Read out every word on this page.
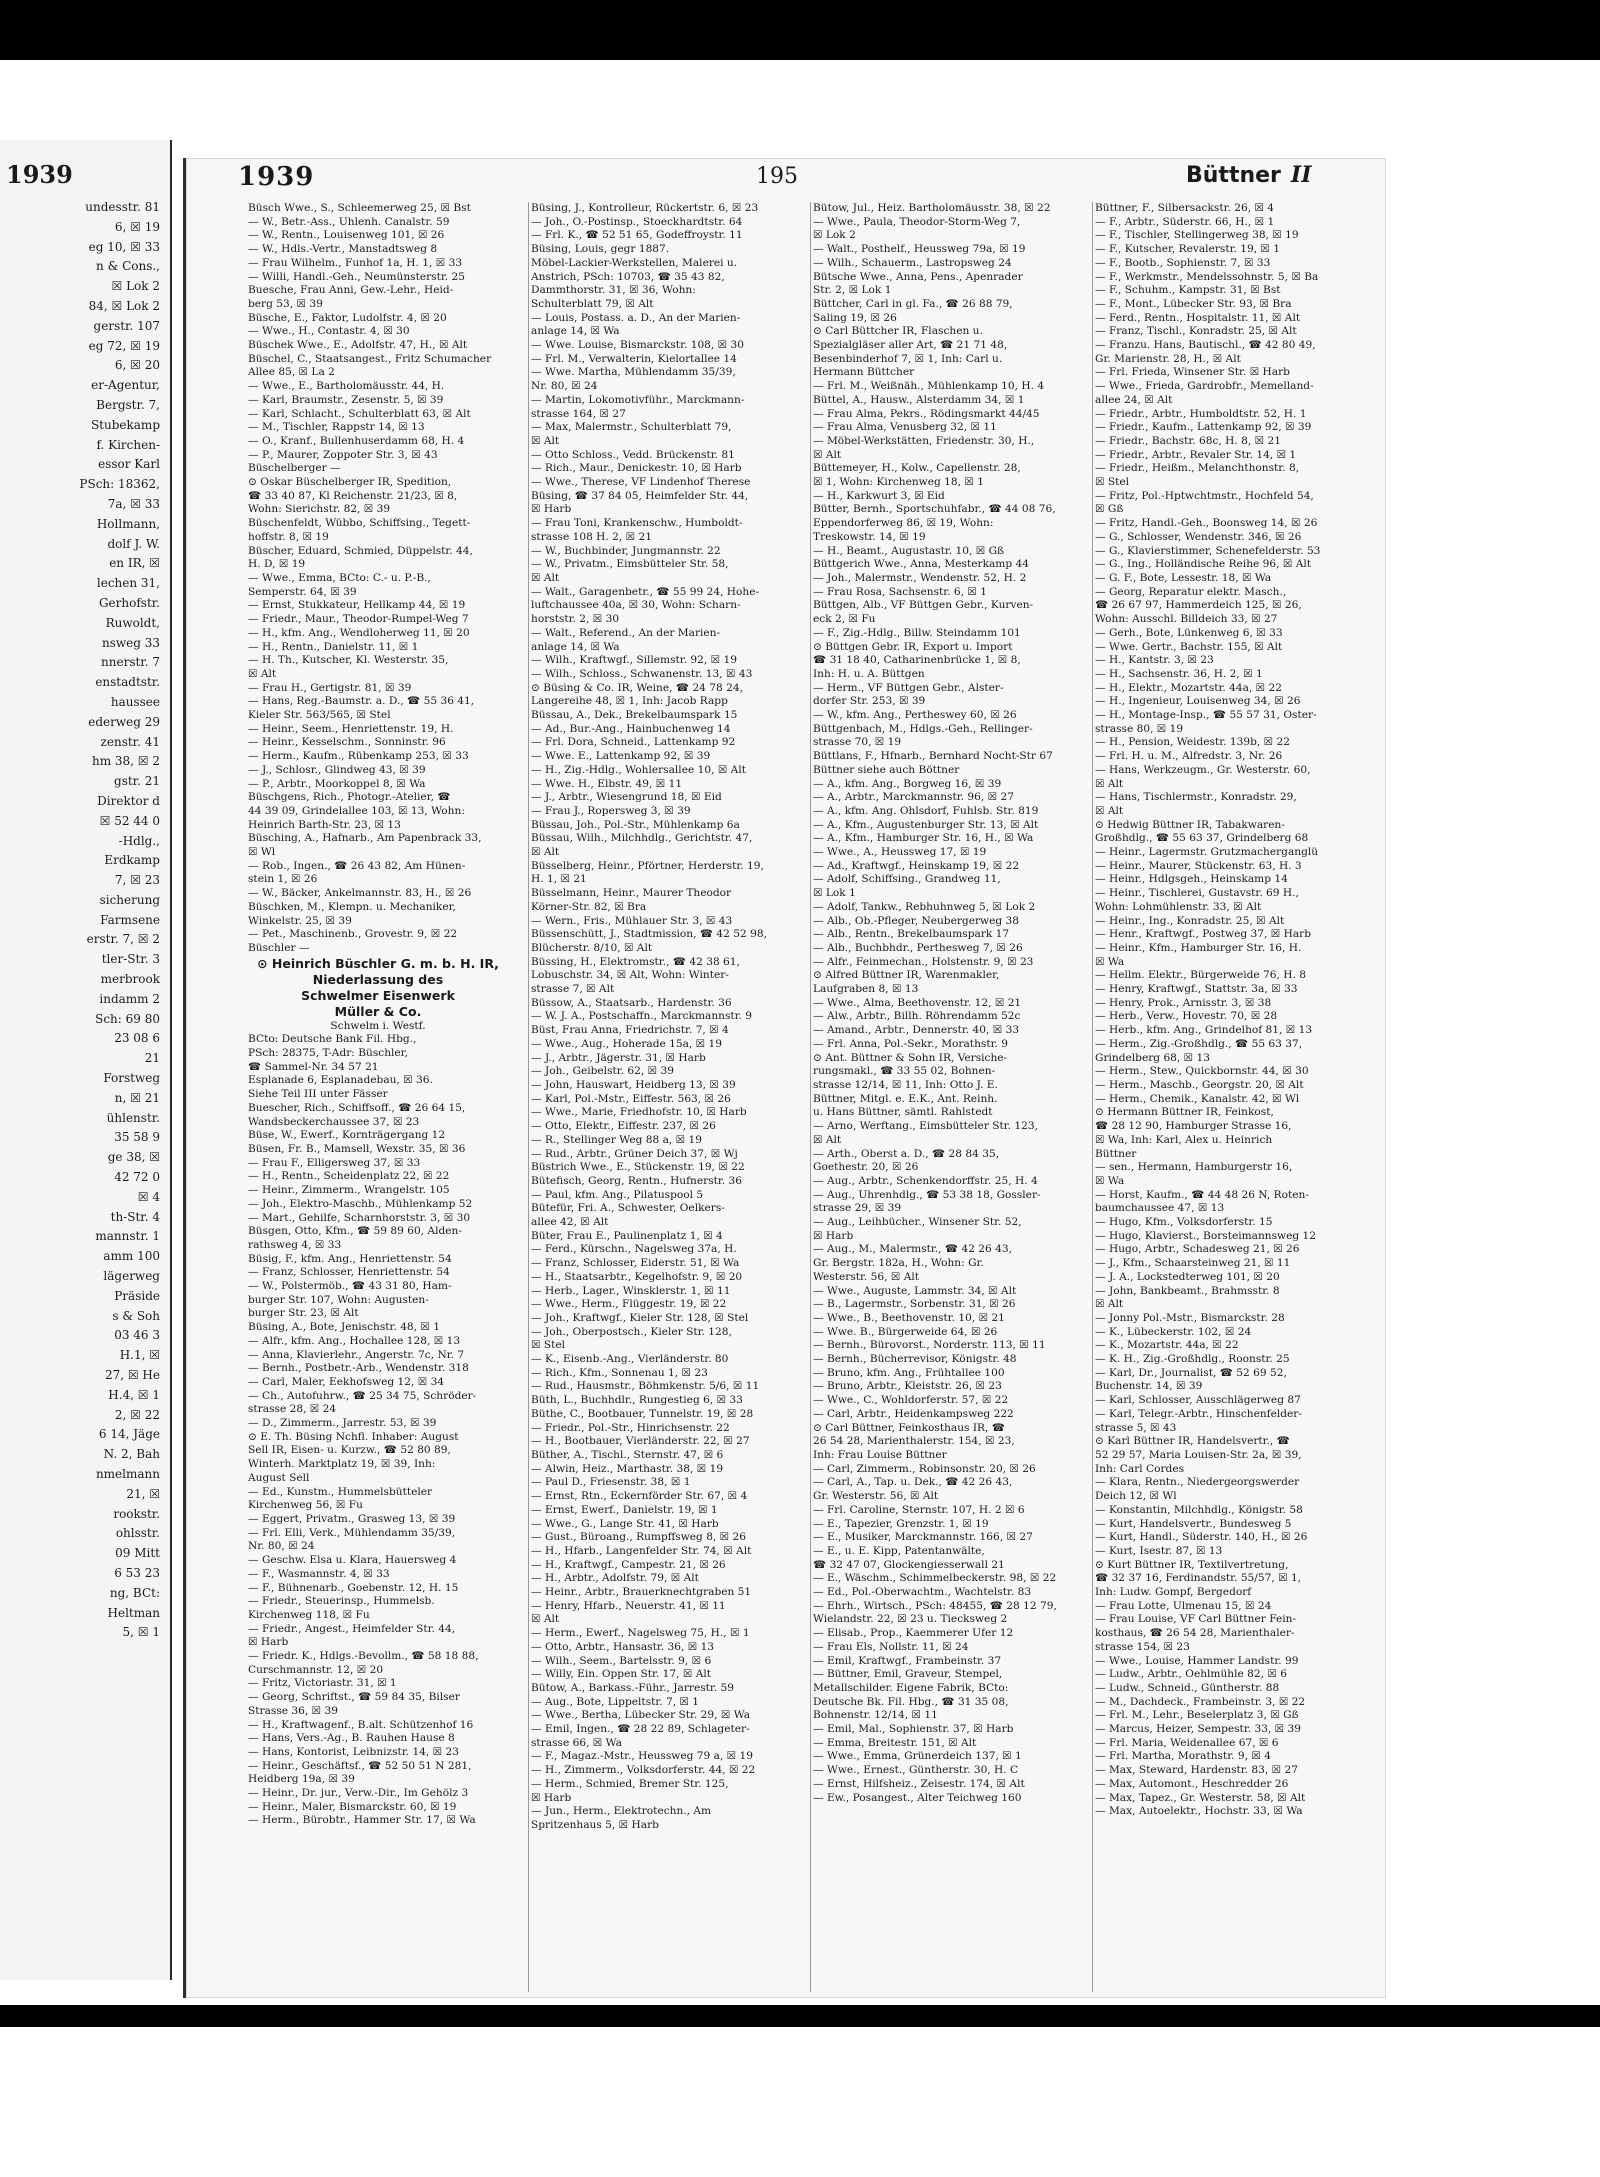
1939
undesstr. 81
6, ☒ 19
eg 10, ☒ 33
n & Cons.,
☒ Lok 2
84, ☒ Lok 2
gerstr. 107
eg 72, ☒ 19
6, ☒ 20
er-Agentur,
Bergstr. 7,
Stubekamp
f. Kirchen-
essor Karl
PSch: 18362,
7a, ☒ 33
Hollmann,
dolf J. W.
en IR, ☒
lechen 31,
Gerhofstr.
Ruwoldt,
nsweg 33
nnerstr. 7
enstadtstr.
haussee
ederweg 29
zenstr. 41
hm 38, ☒ 2
gstr. 21
Direktor d
☒ 52 44 0
-Hdlg.,
Erdkamp
7, ☒ 23
sicherung
Farmsene
erstr. 7, ☒ 2
tler-Str. 3
merbrook
indamm 2
Sch: 69 80
23 08 6
21
Forstweg
n, ☒ 21
ühlenstr.
35 58 9
ge 38, ☒
42 72 0
☒ 4
th-Str. 4
mannstr. 1
amm 100
lägerweg
Präside
s & Soh
03 46 3
H.1, ☒
27, ☒ He
H.4, ☒ 1
2, ☒ 22
6 14, Jäge
N. 2, Bah
nmelmann
21, ☒
rookstr.
ohlsstr.
09 Mitt
6 53 23
ng, BCt:
Heltman
5, ☒ 1
1939	195	Büttner II
Büsch Wwe., S., Schleemerweg 25, ☒ Bst
— W., Betr.-Ass., Uhlenh. Canalstr. 59
— W., Rentn., Louisenweg 101, ☒ 26
— W., Hdls.-Vertr., Manstadtsweg 8
— Frau Wilhelm., Funhof 1a, H. 1, ☒ 33
— Willi, Handl.-Geh., Neumünsterstr. 25
Buesche, Frau Anni, Gew.-Lehr., Heid-
berg 53, ☒ 39
Büsche, E., Faktor, Ludolfstr. 4, ☒ 20
— Wwe., H., Contastr. 4, ☒ 30
Büschek Wwe., E., Adolfstr. 47, H., ☒ Alt
Büschel, C., Staatsangest., Fritz Schumacher
Allee 85, ☒ La 2
— Wwe., E., Bartholomäusstr. 44, H.
— Karl, Braumstr., Zesenstr. 5, ☒ 39
— Karl, Schlacht., Schulterblatt 63, ☒ Alt
— M., Tischler, Rappstr 14, ☒ 13
— O., Kranf., Bullenhuserdamm 68, H. 4
— P., Maurer, Zoppoter Str. 3, ☒ 43
Büschelberger —
⊙ Oskar Büschelberger IR, Spedition,
☎ 33 40 87, Kl Reichenstr. 21/23, ☒ 8,
Wohn: Sierichstr. 82, ☒ 39
Büschenfeldt, Wübbo, Schiffsing., Tegett-
hoffstr. 8, ☒ 19
Büscher, Eduard, Schmied, Düppelstr. 44,
H. D, ☒ 19
— Wwe., Emma, BCto: C.- u. P.-B.,
Semperstr. 64, ☒ 39
— Ernst, Stukkateur, Hellkamp 44, ☒ 19
— Friedr., Maur., Theodor-Rumpel-Weg 7
— H., kfm. Ang., Wendloherweg 11, ☒ 20
— H., Rentn., Danielstr. 11, ☒ 1
— H. Th., Kutscher, Kl. Westerstr. 35,
☒ Alt
— Frau H., Gertigstr. 81, ☒ 39
— Hans, Reg.-Baumstr. a. D., ☎ 55 36 41,
Kieler Str. 563/565, ☒ Stel
— Heinr., Seem., Henriettenstr. 19, H.
— Heinr., Kesselschm., Sonninstr. 96
— Herm., Kaufm., Rübenkamp 253, ☒ 33
— J., Schlosr., Glindweg 43, ☒ 39
— P., Arbtr., Moorkoppel 8, ☒ Wa
Büschgens, Rich., Photogr.-Atelier, ☎
44 39 09, Grindelallee 103, ☒ 13, Wohn:
Heinrich Barth-Str. 23, ☒ 13
Büsching, A., Hafnarb., Am Papenbrack 33,
☒ Wl
— Rob., Ingen., ☎ 26 43 82, Am Hünen-
stein 1, ☒ 26
— W., Bäcker, Ankelmannstr. 83, H., ☒ 26
Büschken, M., Klempn. u. Mechaniker,
Winkelstr. 25, ☒ 39
— Pet., Maschinenb., Grovestr. 9, ☒ 22
Büschler —
⊙ Heinrich Büschler G. m. b. H. IR,
Niederlassung des
Schwelmer Eisenwerk
Müller & Co.
Schwelm i. Westf.
BCto: Deutsche Bank Fil. Hbg.,
PSch: 28375, T-Adr: Büschler,
☎ Sammel-Nr. 34 57 21
Esplanade 6, Esplanadebau, ☒ 36.
Siehe Teil III unter Fässer
Buescher, Rich., Schiffsoff., ☎ 26 64 15,
Wandsbeckerchaussee 37, ☒ 23
Büse, W., Ewerf., Kornträgergang 12
Büsen, Fr. B., Mamsell, Wexstr. 35, ☒ 36
— Frau F., Elligersweg 37, ☒ 33
— H., Rentn., Scheidenplatz 22, ☒ 22
— Heinr., Zimmerm., Wrangelstr. 105
— Joh., Elektro-Maschb., Mühlenkamp 52
— Mart., Gehilfe, Scharnhorststr. 3, ☒ 30
Büsgen, Otto, Kfm., ☎ 59 89 60, Alden-
rathsweg 4, ☒ 33
Büsig, F., kfm. Ang., Henriettenstr. 54
— Franz, Schlosser, Henriettenstr. 54
— W., Polstermöb., ☎ 43 31 80, Ham-
burger Str. 107, Wohn: Augusten-
burger Str. 23, ☒ Alt
Büsing, A., Bote, Jenischstr. 48, ☒ 1
— Alfr., kfm. Ang., Hochallee 128, ☒ 13
— Anna, Klavierlehr., Angerstr. 7c, Nr. 7
— Bernh., Postbetr.-Arb., Wendenstr. 318
— Carl, Maler, Eekhofsweg 12, ☒ 34
— Ch., Autofuhrw., ☎ 25 34 75, Schröder-
strasse 28, ☒ 24
— D., Zimmerm., Jarrestr. 53, ☒ 39
⊙ E. Th. Büsing Nchfl. Inhaber: August
Sell IR, Eisen- u. Kurzw., ☎ 52 80 89,
Winterh. Marktplatz 19, ☒ 39, Inh:
August Sell
— Ed., Kunstm., Hummelsbütteler
Kirchenweg 56, ☒ Fu
— Eggert, Privatm., Grasweg 13, ☒ 39
— Frl. Elli, Verk., Mühlendamm 35/39,
Nr. 80, ☒ 24
— Geschw. Elsa u. Klara, Hauersweg 4
— F., Wasmannstr. 4, ☒ 33
— F., Bühnenarb., Goebenstr. 12, H. 15
— Friedr., Steuerinsp., Hummelsb.
Kirchenweg 118, ☒ Fu
— Friedr., Angest., Heimfelder Str. 44,
☒ Harb
— Friedr. K., Hdlgs.-Bevollm., ☎ 58 18 88,
Curschmannstr. 12, ☒ 20
— Fritz, Victoriastr. 31, ☒ 1
— Georg, Schriftst., ☎ 59 84 35, Bilser
Strasse 36, ☒ 39
— H., Kraftwagenf., B.alt. Schützenhof 16
— Hans, Vers.-Ag., B. Rauhen Hause 8
— Hans, Kontorist, Leibnizstr. 14, ☒ 23
— Heinr., Geschäftsf., ☎ 52 50 51 N 281,
Heidberg 19a, ☒ 39
— Heinr., Dr. jur., Verw.-Dir., Im Gehölz 3
— Heinr., Maler, Bismarckstr. 60, ☒ 19
— Herm., Bürobtr., Hammer Str. 17, ☒ Wa
Büsing, J., Kontrolleur, Rückertstr. 6, ☒ 23
— Joh., O.-Postinsp., Stoeckhardtstr. 64
— Frl. K., ☎ 52 51 65, Godeffroystr. 11
Büsing, Louis, gegr 1887.
Möbel-Lackier-Werkstellen, Malerei u.
Anstrich, PSch: 10703, ☎ 35 43 82,
Dammthorstr. 31, ☒ 36, Wohn:
Schulterblatt 79, ☒ Alt
— Louis, Postass. a. D., An der Marien-
anlage 14, ☒ Wa
— Wwe. Louise, Bismarckstr. 108, ☒ 30
— Frl. M., Verwalterin, Kielortallee 14
— Wwe. Martha, Mühlendamm 35/39,
Nr. 80, ☒ 24
— Martin, Lokomotivführ., Marckmann-
strasse 164, ☒ 27
— Max, Malermstr., Schulterblatt 79,
☒ Alt
— Otto Schloss., Vedd. Brückenstr. 81
— Rich., Maur., Denickestr. 10, ☒ Harb
— Wwe., Therese, VF Lindenhof Therese
Büsing, ☎ 37 84 05, Heimfelder Str. 44,
☒ Harb
— Frau Toni, Krankenschw., Humboldt-
strasse 108 H. 2, ☒ 21
— W., Buchbinder, Jungmannstr. 22
— W., Privatm., Eimsbütteler Str. 58,
☒ Alt
— Walt., Garagenbetr., ☎ 55 99 24, Hohe-
luftchaussee 40a, ☒ 30, Wohn: Scharn-
horststr. 2, ☒ 30
— Walt., Referend., An der Marien-
anlage 14, ☒ Wa
— Wilh., Kraftwgf., Sillemstr. 92, ☒ 19
— Wilh., Schloss., Schwanenstr. 13, ☒ 43
⊙ Büsing & Co. IR, Weine, ☎ 24 78 24,
Langereihe 48, ☒ 1, Inh: Jacob Rapp
Büssau, A., Dek., Brekelbaumspark 15
— Ad., Bur.-Ang., Hainbuchenweg 14
— Frl. Dora, Schneid., Lattenkamp 92
— Wwe. E., Lattenkamp 92, ☒ 39
— H., Zig.-Hdlg., Wohlersallee 10, ☒ Alt
— Wwe. H., Elbstr. 49, ☒ 11
— J., Arbtr., Wiesengrund 18, ☒ Eid
— Frau J., Ropersweg 3, ☒ 39
Büssau, Joh., Pol.-Str., Mühlenkamp 6a
Büssau, Wilh., Milchhdlg., Gerichtstr. 47,
☒ Alt
Büsselberg, Heinr., Pförtner, Herderstr. 19,
H. 1, ☒ 21
Büsselmann, Heinr., Maurer Theodor
Körner-Str. 82, ☒ Bra
— Wern., Fris., Mühlauer Str. 3, ☒ 43
Büssenschütt, J., Stadtmission, ☎ 42 52 98,
Blücherstr. 8/10, ☒ Alt
Büssing, H., Elektromstr., ☎ 42 38 61,
Lobuschstr. 34, ☒ Alt, Wohn: Winter-
strasse 7, ☒ Alt
Büssow, A., Staatsarb., Hardenstr. 36
— W. J. A., Postschaffn., Marckmannstr. 9
Büst, Frau Anna, Friedrichstr. 7, ☒ 4
— Wwe., Aug., Hoherade 15a, ☒ 19
— J., Arbtr., Jägerstr. 31, ☒ Harb
— Joh., Geibelstr. 62, ☒ 39
— John, Hauswart, Heidberg 13, ☒ 39
— Karl, Pol.-Mstr., Eiffestr. 563, ☒ 26
— Wwe., Marie, Friedhofstr. 10, ☒ Harb
— Otto, Elektr., Eiffestr. 237, ☒ 26
— R., Stellinger Weg 88 a, ☒ 19
— Rud., Arbtr., Grüner Deich 37, ☒ Wj
Büstrich Wwe., E., Stückenstr. 19, ☒ 22
Bütefisch, Georg, Rentn., Hufnerstr. 36
— Paul, kfm. Ang., Pilatuspool 5
Bütefür, Fri. A., Schwester, Oelkers-
allee 42, ☒ Alt
Büter, Frau E., Paulinenplatz 1, ☒ 4
— Ferd., Kürschn., Nagelsweg 37a, H.
— Franz, Schlosser, Eiderstr. 51, ☒ Wa
— H., Staatsarbtr., Kegelhofstr. 9, ☒ 20
— Herb., Lager., Winsklerstr. 1, ☒ 11
— Wwe., Herm., Flüggestr. 19, ☒ 22
— Joh., Kraftwgf., Kieler Str. 128, ☒ Stel
— Joh., Oberpostsch., Kieler Str. 128,
☒ Stel
— K., Eisenb.-Ang., Vierländerstr. 80
— Rich., Kfm., Sonnenau 1, ☒ 23
— Rud., Hausmstr., Böhmkenstr. 5/6, ☒ 11
Büth, L., Buchhdlr., Rungestieg 6, ☒ 33
Büthe, C., Bootbauer, Tunnelstr. 19, ☒ 28
— Friedr., Pol.-Str., Hinrichsenstr. 22
— H., Bootbauer, Vierländerstr. 22, ☒ 27
Büther, A., Tischl., Sternstr. 47, ☒ 6
— Alwin, Heiz., Marthastr. 38, ☒ 19
— Paul D., Friesenstr. 38, ☒ 1
— Ernst, Rtn., Eckernförder Str. 67, ☒ 4
— Ernst, Ewerf., Danielstr. 19, ☒ 1
— Wwe., G., Lange Str. 41, ☒ Harb
— Gust., Büroang., Rumpffsweg 8, ☒ 26
— H., Hfarb., Langenfelder Str. 74, ☒ Alt
— H., Kraftwgf., Campestr. 21, ☒ 26
— H., Arbtr., Adolfstr. 79, ☒ Alt
— Heinr., Arbtr., Brauerknechtgraben 51
— Henry, Hfarb., Neuerstr. 41, ☒ 11
☒ Alt
— Herm., Ewerf., Nagelsweg 75, H., ☒ 1
— Otto, Arbtr., Hansastr. 36, ☒ 13
— Wilh., Seem., Bartelsstr. 9, ☒ 6
— Willy, Ein. Oppen Str. 17, ☒ Alt
Bütow, A., Barkass.-Führ., Jarrestr. 59
— Aug., Bote, Lippeltstr. 7, ☒ 1
— Wwe., Bertha, Lübecker Str. 29, ☒ Wa
— Emil, Ingen., ☎ 28 22 89, Schlageter-
strasse 66, ☒ Wa
— F., Magaz.-Mstr., Heussweg 79 a, ☒ 19
— H., Zimmerm., Volksdorferstr. 44, ☒ 22
— Herm., Schmied, Bremer Str. 125,
☒ Harb
— Jun., Herm., Elektrotechn., Am
Spritzenhaus 5, ☒ Harb
Bütow, Jul., Heiz. Bartholomäusstr. 38, ☒ 22
— Wwe., Paula, Theodor-Storm-Weg 7,
☒ Lok 2
— Walt., Posthelf., Heussweg 79a, ☒ 19
— Wilh., Schauerm., Lastropsweg 24
Bütsche Wwe., Anna, Pens., Apenrader
Str. 2, ☒ Lok 1
Büttcher, Carl in gl. Fa., ☎ 26 88 79,
Saling 19, ☒ 26
⊙ Carl Büttcher IR, Flaschen u.
Spezialgläser aller Art, ☎ 21 71 48,
Besenbinderhof 7, ☒ 1, Inh: Carl u.
Hermann Büttcher
— Frl. M., Weißnäh., Mühlenkamp 10, H. 4
Büttel, A., Hausw., Alsterdamm 34, ☒ 1
— Frau Alma, Pekrs., Rödingsmarkt 44/45
— Frau Alma, Venusberg 32, ☒ 11
— Möbel-Werkstätten, Friedenstr. 30, H.,
☒ Alt
Büttemeyer, H., Kolw., Capellenstr. 28,
☒ 1, Wohn: Kirchenweg 18, ☒ 1
— H., Karkwurt 3, ☒ Eid
Bütter, Bernh., Sportschuhfabr., ☎ 44 08 76,
Eppendorferweg 86, ☒ 19, Wohn:
Treskowstr. 14, ☒ 19
— H., Beamt., Augustastr. 10, ☒ Gß
Büttgerich Wwe., Anna, Mesterkamp 44
— Joh., Malermstr., Wendenstr. 52, H. 2
— Frau Rosa, Sachsenstr. 6, ☒ 1
Büttgen, Alb., VF Büttgen Gebr., Kurven-
eck 2, ☒ Fu
— F., Zig.-Hdlg., Billw. Steindamm 101
⊙ Büttgen Gebr. IR, Export u. Import
☎ 31 18 40, Catharinenbrücke 1, ☒ 8,
Inh: H. u. A. Büttgen
— Herm., VF Büttgen Gebr., Alster-
dorfer Str. 253, ☒ 39
— W., kfm. Ang., Pertheswey 60, ☒ 26
Büttgenbach, M., Hdlgs.-Geh., Rellinger-
strasse 70, ☒ 19
Büttlans, F., Hfnarb., Bernhard Nocht-Str 67
Büttner siehe auch Böttner
— A., kfm. Ang., Borgweg 16, ☒ 39
— A., Arbtr., Marckmannstr. 96, ☒ 27
— A., kfm. Ang. Ohlsdorf, Fuhlsb. Str. 819
— A., Kfm., Augustenburger Str. 13, ☒ Alt
— A., Kfm., Hamburger Str. 16, H., ☒ Wa
— Wwe., A., Heussweg 17, ☒ 19
— Ad., Kraftwgf., Heinskamp 19, ☒ 22
— Adolf, Schiffsing., Grandweg 11,
☒ Lok 1
— Adolf, Tankw., Rebhuhnweg 5, ☒ Lok 2
— Alb., Ob.-Pfleger, Neubergerweg 38
— Alb., Rentn., Brekelbaumspark 17
— Alb., Buchbhdr., Perthesweg 7, ☒ 26
— Alfr., Feinmechan., Holstenstr. 9, ☒ 23
⊙ Alfred Büttner IR, Warenmakler,
Laufgraben 8, ☒ 13
— Wwe., Alma, Beethovenstr. 12, ☒ 21
— Alw., Arbtr., Billh. Röhrendamm 52c
— Amand., Arbtr., Dennerstr. 40, ☒ 33
— Frl. Anna, Pol.-Sekr., Morathstr. 9
⊙ Ant. Büttner & Sohn IR, Versiche-
rungsmakl., ☎ 33 55 02, Bohnen-
strasse 12/14, ☒ 11, Inh: Otto J. E.
Büttner, Mitgl. e. E.K., Ant. Reinh.
u. Hans Büttner, sämtl. Rahlstedt
— Arno, Werftang., Eimsbütteler Str. 123,
☒ Alt
— Arth., Oberst a. D., ☎ 28 84 35,
Goethestr. 20, ☒ 26
— Aug., Arbtr., Schenkendorffstr. 25, H. 4
— Aug., Uhrenhdlg., ☎ 53 38 18, Gossler-
strasse 29, ☒ 39
— Aug., Leihbücher., Winsener Str. 52,
☒ Harb
— Aug., M., Malermstr., ☎ 42 26 43,
Gr. Bergstr. 182a, H., Wohn: Gr.
Westerstr. 56, ☒ Alt
— Wwe., Auguste, Lammstr. 34, ☒ Alt
— B., Lagermstr., Sorbenstr. 31, ☒ 26
— Wwe., B., Beethovenstr. 10, ☒ 21
— Wwe. B., Bürgerweide 64, ☒ 26
— Bernh., Bürovorst., Norderstr. 113, ☒ 11
— Bernh., Bücherrevisor, Königstr. 48
— Bruno, kfm. Ang., Frühtallee 100
— Bruno, Arbtr., Kleiststr. 26, ☒ 23
— Wwe., C., Wohldorferstr. 57, ☒ 22
— Carl, Arbtr., Heidenkampsweg 222
⊙ Carl Büttner, Feinkosthaus IR, ☎
26 54 28, Marienthalerstr. 154, ☒ 23,
Inh: Frau Louise Büttner
— Carl, Zimmerm., Robinsonstr. 20, ☒ 26
— Carl, A., Tap. u. Dek., ☎ 42 26 43,
Gr. Westerstr. 56, ☒ Alt
— Frl. Caroline, Sternstr. 107, H. 2 ☒ 6
— E., Tapezier, Grenzstr. 1, ☒ 19
— E., Musiker, Marckmannstr. 166, ☒ 27
— E., u. E. Kipp, Patentanwälte,
☎ 32 47 07, Glockengiesserwall 21
— E., Wäschm., Schimmelbeckerstr. 98, ☒ 22
— Ed., Pol.-Oberwachtm., Wachtelstr. 83
— Ehrh., Wirtsch., PSch: 48455, ☎ 28 12 79,
Wielandstr. 22, ☒ 23 u. Tiecksweg 2
— Elisab., Prop., Kaemmerer Ufer 12
— Frau Els, Nollstr. 11, ☒ 24
— Emil, Kraftwgf., Frambeinstr. 37
— Büttner, Emil, Graveur, Stempel,
Metallschilder. Eigene Fabrik, BCto:
Deutsche Bk. Fil. Hbg., ☎ 31 35 08,
Bohnenstr. 12/14, ☒ 11
— Emil, Mal., Sophienstr. 37, ☒ Harb
— Emma, Breitestr. 151, ☒ Alt
— Wwe., Emma, Grünerdeich 137, ☒ 1
— Wwe., Ernest., Güntherstr. 30, H. C
— Ernst, Hilfsheiz., Zeisestr. 174, ☒ Alt
— Ew., Posangest., Alter Teichweg 160
Büttner, F., Silbersackstr. 26, ☒ 4
— F., Arbtr., Süderstr. 66, H., ☒ 1
— F., Tischler, Stellingerweg 38, ☒ 19
— F., Kutscher, Revalerstr. 19, ☒ 1
— F., Bootb., Sophienstr. 7, ☒ 33
— F., Werkmstr., Mendelssohnstr. 5, ☒ Ba
— F., Schuhm., Kampstr. 31, ☒ Bst
— F., Mont., Lübecker Str. 93, ☒ Bra
— Ferd., Rentn., Hospitalstr. 11, ☒ Alt
— Franz, Tischl., Konradstr. 25, ☒ Alt
— Franzu. Hans, Bautischl., ☎ 42 80 49,
Gr. Marienstr. 28, H., ☒ Alt
— Frl. Frieda, Winsener Str. ☒ Harb
— Wwe., Frieda, Gardrobfr., Memelland-
allee 24, ☒ Alt
— Friedr., Arbtr., Humboldtstr. 52, H. 1
— Friedr., Kaufm., Lattenkamp 92, ☒ 39
— Friedr., Bachstr. 68c, H. 8, ☒ 21
— Friedr., Arbtr., Revaler Str. 14, ☒ 1
— Friedr., Heißm., Melanchthonstr. 8,
☒ Stel
— Fritz, Pol.-Hptwchtmstr., Hochfeld 54,
☒ Gß
— Fritz, Handl.-Geh., Boonsweg 14, ☒ 26
— G., Schlosser, Wendenstr. 346, ☒ 26
— G., Klavierstimmer, Schenefelderstr. 53
— G., Ing., Holländische Reihe 96, ☒ Alt
— G. F., Bote, Lessestr. 18, ☒ Wa
— Georg, Reparatur elektr. Masch.,
☎ 26 67 97, Hammerdeich 125, ☒ 26,
Wohn: Ausschl. Billdeich 33, ☒ 27
— Gerh., Bote, Lünkenweg 6, ☒ 33
— Wwe. Gertr., Bachstr. 155, ☒ Alt
— H., Kantstr. 3, ☒ 23
— H., Sachsenstr. 36, H. 2, ☒ 1
— H., Elektr., Mozartstr. 44a, ☒ 22
— H., Ingenieur, Louisenweg 34, ☒ 26
— H., Montage-Insp., ☎ 55 57 31, Oster-
strasse 80, ☒ 19
— H., Pension, Weidestr. 139b, ☒ 22
— Frl. H. u. M., Alfredstr. 3, Nr. 26
— Hans, Werkzeugm., Gr. Westerstr. 60,
☒ Alt
— Hans, Tischlermstr., Konradstr. 29,
☒ Alt
⊙ Hedwig Büttner IR, Tabakwaren-
Großhdlg., ☎ 55 63 37, Grindelberg 68
— Heinr., Lagermstr. Grutzmacherganglü
— Heinr., Maurer, Stückenstr. 63, H. 3
— Heinr., Hdlgsgeh., Heinskamp 14
— Heinr., Tischlerei, Gustavstr. 69 H.,
Wohn: Lohmühlenstr. 33, ☒ Alt
— Heinr., Ing., Konradstr. 25, ☒ Alt
— Henr., Kraftwgf., Postweg 37, ☒ Harb
— Heinr., Kfm., Hamburger Str. 16, H.
☒ Wa
— Hellm. Elektr., Bürgerweide 76, H. 8
— Henry, Kraftwgf., Stattstr. 3a, ☒ 33
— Henry, Prok., Arnisstr. 3, ☒ 38
— Herb., Verw., Hovestr. 70, ☒ 28
— Herb., kfm. Ang., Grindelhof 81, ☒ 13
— Herm., Zig.-Großhdlg., ☎ 55 63 37,
Grindelberg 68, ☒ 13
— Herm., Stew., Quickbornstr. 44, ☒ 30
— Herm., Maschb., Georgstr. 20, ☒ Alt
— Herm., Chemik., Kanalstr. 42, ☒ Wl
⊙ Hermann Büttner IR, Feinkost,
☎ 28 12 90, Hamburger Strasse 16,
☒ Wa, Inh: Karl, Alex u. Heinrich
Büttner
— sen., Hermann, Hamburgerstr 16,
☒ Wa
— Horst, Kaufm., ☎ 44 48 26 N, Roten-
baumchaussee 47, ☒ 13
— Hugo, Kfm., Volksdorferstr. 15
— Hugo, Klavierst., Borsteimannsweg 12
— Hugo, Arbtr., Schadesweg 21, ☒ 26
— J., Kfm., Schaarsteinweg 21, ☒ 11
— J. A., Lockstedterweg 101, ☒ 20
— John, Bankbeamt., Brahmsstr. 8
☒ Alt
— Jonny Pol.-Mstr., Bismarckstr. 28
— K., Lübeckerstr. 102, ☒ 24
— K., Mozartstr. 44a, ☒ 22
— K. H., Zig.-Großhdlg., Roonstr. 25
— Karl, Dr., Journalist, ☎ 52 69 52,
Buchenstr. 14, ☒ 39
— Karl, Schlosser, Ausschlägerweg 87
— Karl, Telegr.-Arbtr., Hinschenfelder-
strasse 5, ☒ 43
⊙ Karl Büttner IR, Handelsvertr., ☎
52 29 57, Maria Louisen-Str. 2a, ☒ 39,
Inh: Carl Cordes
— Klara, Rentn., Niedergeorgswerder
Deich 12, ☒ Wl
— Konstantin, Milchhdlg., Königstr. 58
— Kurt, Handelsvertr., Bundesweg 5
— Kurt, Handl., Süderstr. 140, H., ☒ 26
— Kurt, Isestr. 87, ☒ 13
⊙ Kurt Büttner IR, Textilvertretung,
☎ 32 37 16, Ferdinandstr. 55/57, ☒ 1,
Inh: Ludw. Gompf, Bergedorf
— Frau Lotte, Ulmenau 15, ☒ 24
— Frau Louise, VF Carl Büttner Fein-
kosthaus, ☎ 26 54 28, Marienthaler-
strasse 154, ☒ 23
— Wwe., Louise, Hammer Landstr. 99
— Ludw., Arbtr., Oehlmühle 82, ☒ 6
— Ludw., Schneid., Güntherstr. 88
— M., Dachdeck., Frambeinstr. 3, ☒ 22
— Frl. M., Lehr., Beselerplatz 3, ☒ Gß
— Marcus, Heizer, Sempestr. 33, ☒ 39
— Frl. Maria, Weidenallee 67, ☒ 6
— Frl. Martha, Morathstr. 9, ☒ 4
— Max, Steward, Hardenstr. 83, ☒ 27
— Max, Automont., Heschredder 26
— Max, Tapez., Gr. Westerstr. 58, ☒ Alt
— Max, Autoelektr., Hochstr. 33, ☒ Wa
